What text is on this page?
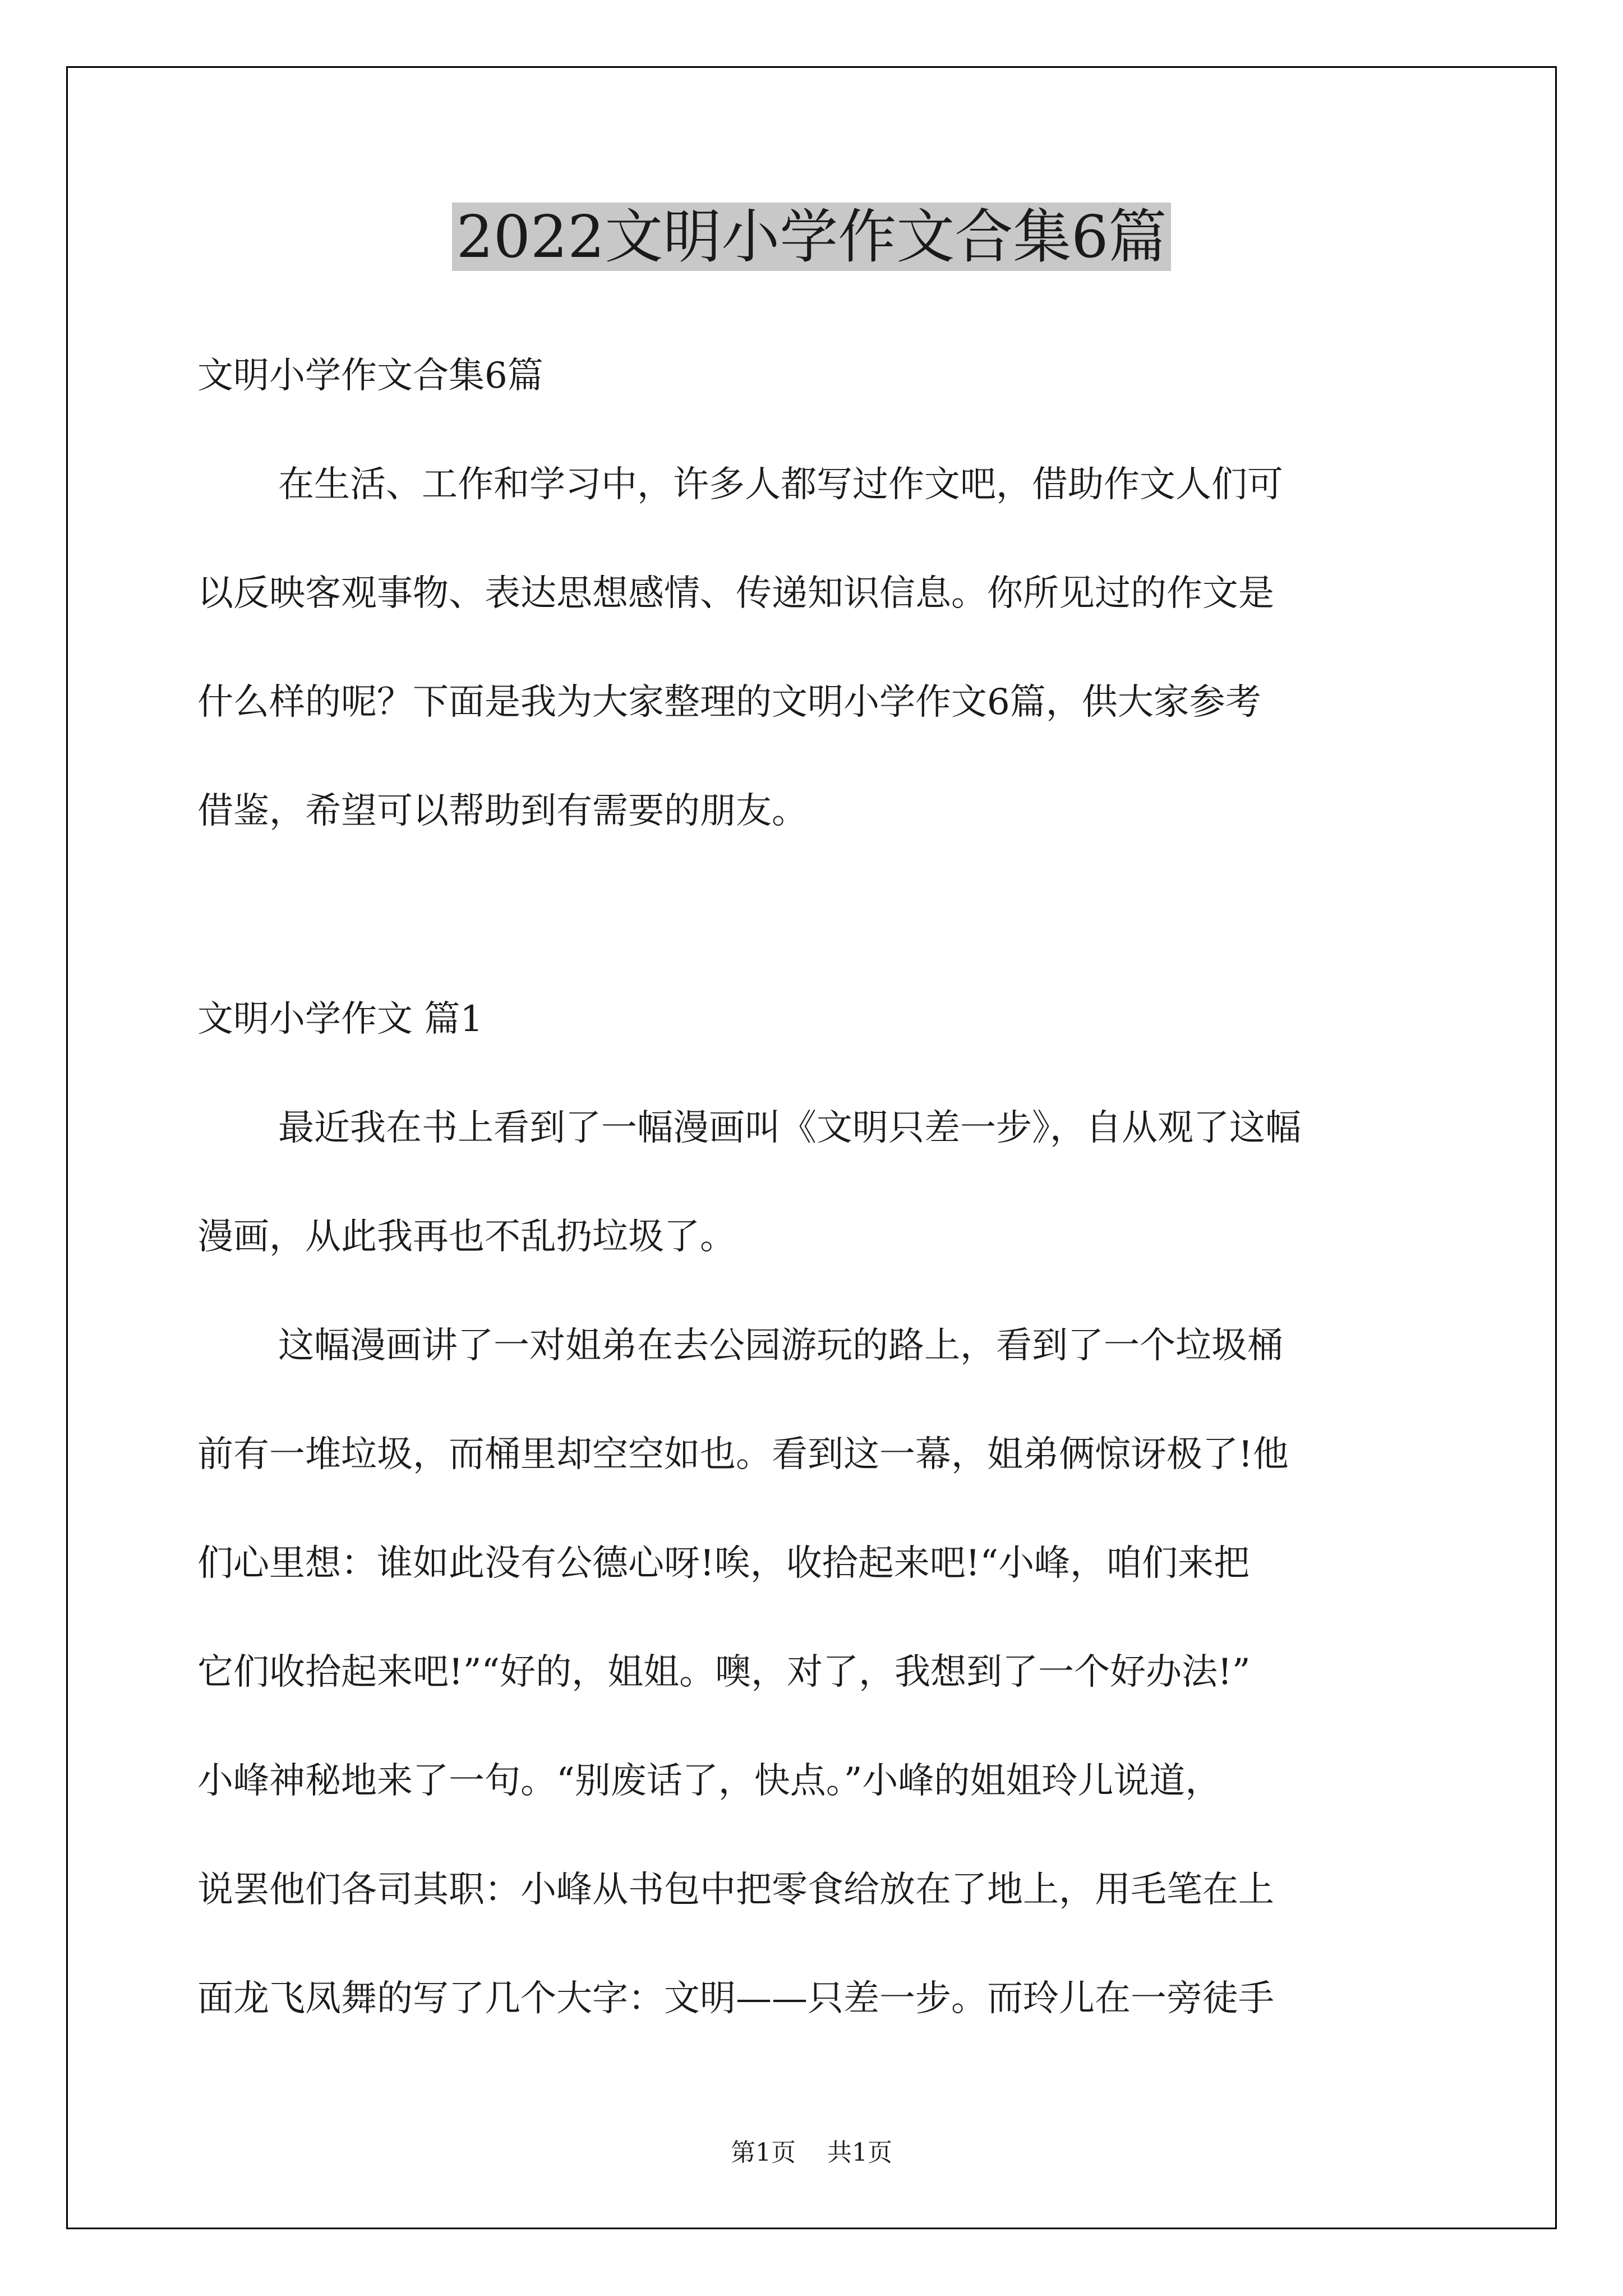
2022文明小学作文合集6篇

文明小学作文合集6篇

在生活、工作和学习中，许多人都写过作文吧，借助作文人们可

以反映客观事物、表达思想感情、传递知识信息。你所见过的作文是

什么样的呢？下面是我为大家整理的文明小学作文6篇，供大家参考

借鉴，希望可以帮助到有需要的朋友。

文明小学作文 篇1

最近我在书上看到了一幅漫画叫《文明只差一步》，自从观了这幅

漫画，从此我再也不乱扔垃圾了。

这幅漫画讲了一对姐弟在去公园游玩的路上，看到了一个垃圾桶

前有一堆垃圾，而桶里却空空如也。看到这一幕，姐弟俩惊讶极了!他

们心里想：谁如此没有公德心呀!唉，收拾起来吧!“小峰，咱们来把

它们收拾起来吧!”“好的，姐姐。噢，对了，我想到了一个好办法!”

小峰神秘地来了一句。“别废话了，快点。”小峰的姐姐玲儿说道，

说罢他们各司其职：小峰从书包中把零食给放在了地上，用毛笔在上

面龙飞凤舞的写了几个大字：文明——只差一步。而玲儿在一旁徒手

第1页 共1页
